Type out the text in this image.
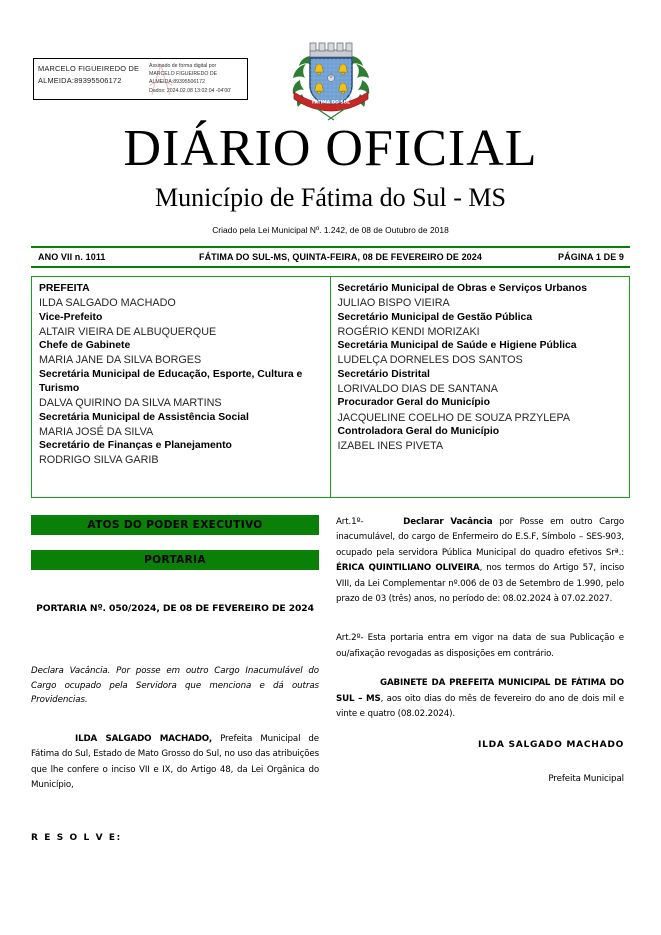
MARCELO FIGUEIREDO DE
ALMEIDA:89395506172
Assinado de forma digital por
MARCELO FIGUEIREDO DE
ALMEIDA:89395506172
Dados: 2024.02.08 13:02:04 -04'00'
FÁTIMA DO SUL
DIÁRIO OFICIAL
Município de Fátima do Sul - MS
Criado pela Lei Municipal Nº. 1.242, de 08 de Outubro de 2018
ANO VII n. 1011	FÁTIMA DO SUL-MS, QUINTA-FEIRA, 08 DE FEVEREIRO DE 2024	PÁGINA 1 DE 9
PREFEITA
ILDA SALGADO MACHADO
Vice-Prefeito
ALTAIR VIEIRA DE ALBUQUERQUE
Chefe de Gabinete
MARIA JANE DA SILVA BORGES
Secretária Municipal de Educação, Esporte, Cultura e Turismo
DALVA QUIRINO DA SILVA MARTINS
Secretária Municipal de Assistência Social
MARIA JOSÉ DA SILVA
Secretário de Finanças e Planejamento
RODRIGO SILVA GARIB
Secretário Municipal de Obras e Serviços Urbanos
JULIAO BISPO VIEIRA
Secretário Municipal de Gestão Pública
ROGÉRIO KENDI MORIZAKI
Secretária Municipal de Saúde e Higiene Pública
LUDELÇA DORNELES DOS SANTOS
Secretário Distrital
LORIVALDO DIAS DE SANTANA
Procurador Geral do Município
JACQUELINE COELHO DE SOUZA PRZYLEPA
Controladora Geral do Município
IZABEL INES PIVETA
ATOS DO PODER EXECUTIVO
PORTARIA
PORTARIA Nº. 050/2024, DE 08 DE FEVEREIRO DE 2024
Declara Vacância. Por posse em outro Cargo Inacumulável do Cargo ocupado pela Servidora que menciona e dá outras Providencias.
ILDA SALGADO MACHADO, Prefeita Municipal de Fátima do Sul, Estado de Mato Grosso do Sul, no uso das atribuições que lhe confere o inciso VII e IX, do Artigo 48, da Lei Orgânica do Município,
R E S O L V E:
Art.1º-	Declarar Vacância por Posse em outro Cargo inacumulável, do cargo de Enfermeiro do E.S.F, Símbolo – SES-903, ocupado pela servidora Pública Municipal do quadro efetivos Srª.: ÉRICA QUINTILIANO OLIVEIRA, nos termos do Artigo 57, inciso VIII, da Lei Complementar nº.006 de 03 de Setembro de 1.990, pelo prazo de 03 (três) anos, no período de: 08.02.2024 à 07.02.2027.
Art.2º- Esta portaria entra em vigor na data de sua Publicação e ou/afixação revogadas as disposições em contrário.
GABINETE DA PREFEITA MUNICIPAL DE FÁTIMA DO SUL – MS, aos oito dias do mês de fevereiro do ano de dois mil e vinte e quatro (08.02.2024).
ILDA SALGADO MACHADO
Prefeita Municipal
